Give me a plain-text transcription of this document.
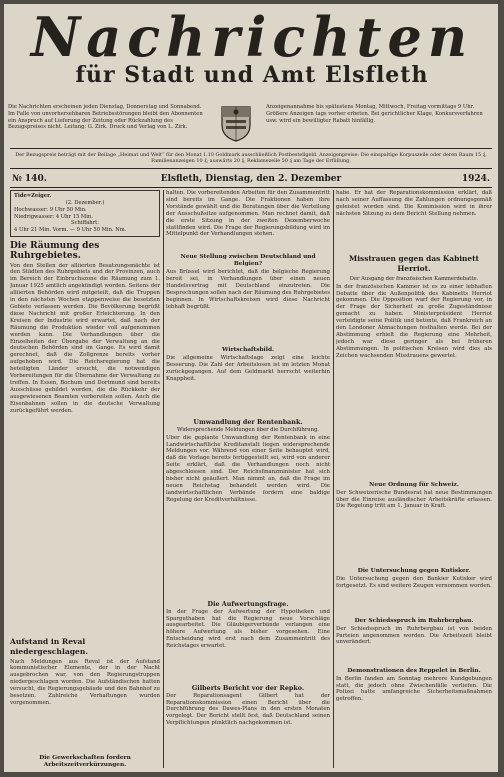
Nachrichten
für Stadt und Amt Elsfleth
Die Nachrichten erscheinen jeden Dienstag, Donnerstag und Sonnabend. Im Falle von unvorhersehbaren Betriebsstörungen bleibt den Abonnenten ein Anspruch auf Lieferung der Zeitung oder Rückzahlung des Bezugspreises nicht. Leitung: G. Zirk. Druck und Verlag von L. Zirk.
Anzeigenannahme bis spätestens Montag, Mittwoch, Freitag vormittags 9 Uhr. Größere Anzeigen tags vorher erbeten. Bei gerichtlicher Klage, Konkursverfahren usw. wird ein bewilligter Rabatt hinfällig.
Der Bezugspreis beträgt mit der Beilage „Heimat und Welt“ für den Monat 1.10 Goldmark ausschließlich Postbestellgeld. Anzeigenpreise: Die einspaltige Korpuszeile oder deren Raum 15 ₰, Familienanzeigen 10 ₰, auswärts 20 ₰, Reklamezeile 50 ₰ am Tage der Erfüllung.
№ 140.	Elsfleth, Dienstag, den 2. Dezember	1924.
Tide=Zeiger.
(2. Dezember.)
Hochwasser: 9 Uhr 50 Min.
Niedrigwasser: 4 Uhr 15 Min.
Schiffahrt:
4 Uhr 21 Min. Vorm. — 9 Uhr 50 Min. Nm.
Die Räumung des Ruhrgebietes.

Von den Stellen der alliierten Besatzungsmächte ist den Städten des Ruhrgebiets und der Provinzen, auch im Bereich der Einbruchszone die Räumung zum 1. Januar 1925 amtlich angekündigt worden. Seitens der alliierten Behörden wird mitgeteilt, daß die Truppen in den nächsten Wochen etappenweise die besetzten Gebiete verlassen werden. Die Bevölkerung begrüßt diese Nachricht mit großer Erleichterung. In den Kreisen der Industrie wird erwartet, daß nach der Räumung die Produktion wieder voll aufgenommen werden kann. Die Verhandlungen über die Einzelheiten der Übergabe der Verwaltung an die deutschen Behörden sind im Gange. Es wird damit gerechnet, daß die Zollgrenze bereits vorher aufgehoben wird. Die Reichsregierung hat die beteiligten Länder ersucht, die notwendigen Vorbereitungen für die Übernahme der Verwaltung zu treffen. In Essen, Bochum und Dortmund sind bereits Ausschüsse gebildet worden, die die Rückkehr der ausgewiesenen Beamten vorbereiten sollen. Auch die Eisenbahnen sollen in die deutsche Verwaltung zurückgeführt werden.

Aufstand in Reval niedergeschlagen.

Nach Meldungen aus Reval ist der Aufstand kommunistischer Elemente, der in der Nacht ausgebrochen war, von den Regierungstruppen niedergeschlagen worden. Die Aufständischen hatten versucht, die Regierungsgebäude und den Bahnhof zu besetzen. Zahlreiche Verhaftungen wurden vorgenommen.

Die Gewerkschaften fordern Arbeitszeitverkürzungen.

halten. Die vorbereitenden Arbeiten für den Zusammentritt sind bereits im Gange. Die Fraktionen haben ihre Vorstände gewählt und die Beratungen über die Verteilung der Ausschußsitze aufgenommen. Man rechnet damit, daß die erste Sitzung in der zweiten Dezemberwoche stattfinden wird. Die Frage der Regierungsbildung wird im Mittelpunkt der Verhandlungen stehen.

Neue Stellung zwischen Deutschland und Belgien?

Aus Brüssel wird berichtet, daß die belgische Regierung bereit sei, in Verhandlungen über einen neuen Handelsvertrag mit Deutschland einzutreten. Die Besprechungen sollen nach der Räumung des Ruhrgebietes beginnen. In Wirtschaftskreisen wird diese Nachricht lebhaft begrüßt.

Wirtschaftsbild.

Die allgemeine Wirtschaftslage zeigt eine leichte Besserung. Die Zahl der Arbeitslosen ist im letzten Monat zurückgegangen. Auf dem Geldmarkt herrscht weiterhin Knappheit.

Umwandlung der Rentenbank.
Widersprechende Meldungen über die Durchführung.

Über die geplante Umwandlung der Rentenbank in eine Landwirtschaftliche Kreditanstalt liegen widersprechende Meldungen vor. Während von einer Seite behauptet wird, daß die Vorlage bereits fertiggestellt sei, wird von anderer Seite erklärt, daß die Verhandlungen noch nicht abgeschlossen sind. Der Reichsfinanzminister hat sich bisher nicht geäußert. Man nimmt an, daß die Frage im neuen Reichstag behandelt werden wird. Die landwirtschaftlichen Verbände fordern eine baldige Regelung der Kreditverhältnisse.

Die Aufwertungsfrage.

In der Frage der Aufwertung der Hypotheken und Sparguthaben hat die Regierung neue Vorschläge ausgearbeitet. Die Gläubigerverbände verlangen eine höhere Aufwertung als bisher vorgesehen. Eine Entscheidung wird erst nach dem Zusammentritt des Reichstages erwartet.

Gilberts Bericht vor der Repko.

Der Reparationsagent Gilbert hat der Reparationskommission einen Bericht über die Durchführung des Dawes-Plans in den ersten Monaten vorgelegt. Der Bericht stellt fest, daß Deutschland seinen Verpflichtungen pünktlich nachgekommen ist.

habe. Er hat der Reparationskommission erklärt, daß nach seiner Auffassung die Zahlungen ordnungsgemäß geleistet worden sind. Die Kommission wird in ihrer nächsten Sitzung zu dem Bericht Stellung nehmen.

Misstrauen gegen das Kabinett Herriot.
Der Ausgang der französischen Kammerdebatte.

In der französischen Kammer ist es zu einer lebhaften Debatte über die Außenpolitik des Kabinetts Herriot gekommen. Die Opposition warf der Regierung vor, in der Frage der Sicherheit zu große Zugeständnisse gemacht zu haben. Ministerpräsident Herriot verteidigte seine Politik und betonte, daß Frankreich an den Londoner Abmachungen festhalten werde. Bei der Abstimmung erhielt die Regierung eine Mehrheit, jedoch war diese geringer als bei früheren Abstimmungen. In politischen Kreisen wird dies als Zeichen wachsenden Misstrauens gewertet.

Neue Ordnung für Schweiz.

Der Schweizerische Bundesrat hat neue Bestimmungen über die Einreise ausländischer Arbeitskräfte erlassen. Die Regelung tritt am 1. Januar in Kraft.

Die Untersuchung gegen Kutisker.

Die Untersuchung gegen den Bankier Kutisker wird fortgesetzt. Es sind weitere Zeugen vernommen worden.

Der Schiedsspruch im Ruhrbergbau.

Der Schiedsspruch im Ruhrbergbau ist von beiden Parteien angenommen worden. Die Arbeitszeit bleibt unverändert.

Demonstrationen des Reppelet in Berlin.

In Berlin fanden am Sonntag mehrere Kundgebungen statt, die jedoch ohne Zwischenfälle verliefen. Die Polizei hatte umfangreiche Sicherheitsmaßnahmen getroffen.
